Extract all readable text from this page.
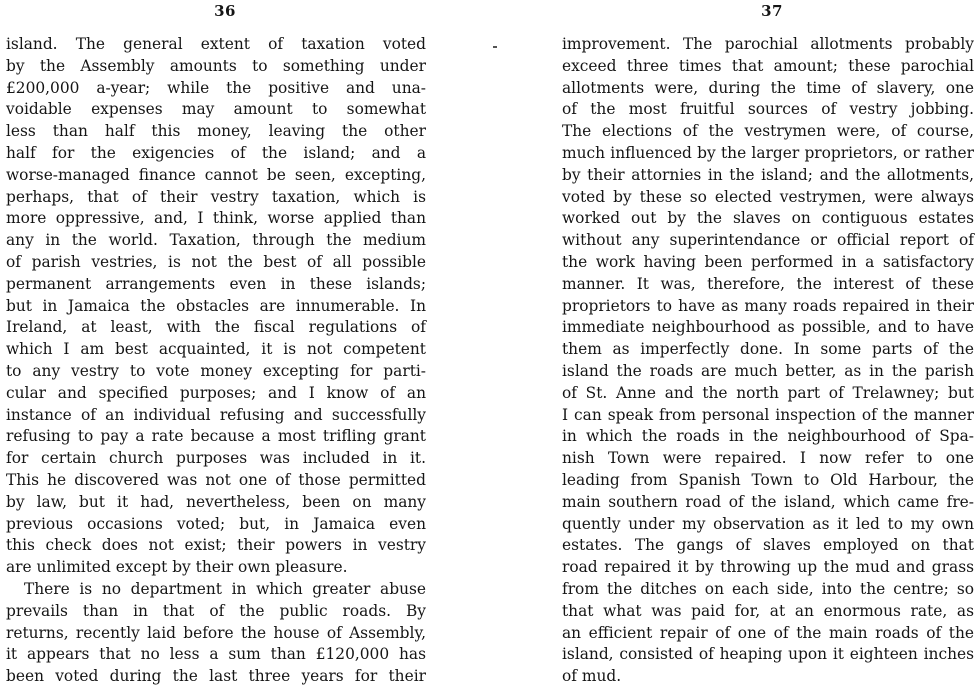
36
island. The general extent of taxation voted
by the Assembly amounts to something under
£200,000 a-year; while the positive and una-
voidable expenses may amount to somewhat
less than half this money, leaving the other
half for the exigencies of the island; and a
worse-managed finance cannot be seen, excepting,
perhaps, that of their vestry taxation, which is
more oppressive, and, I think, worse applied than
any in the world. Taxation, through the medium
of parish vestries, is not the best of all possible
permanent arrangements even in these islands;
but in Jamaica the obstacles are innumerable. In
Ireland, at least, with the fiscal regulations of
which I am best acquainted, it is not competent
to any vestry to vote money excepting for parti-
cular and specified purposes; and I know of an
instance of an individual refusing and successfully
refusing to pay a rate because a most trifling grant
for certain church purposes was included in it.
This he discovered was not one of those permitted
by law, but it had, nevertheless, been on many
previous occasions voted; but, in Jamaica even
this check does not exist; their powers in vestry
are unlimited except by their own pleasure.
There is no department in which greater abuse
prevails than in that of the public roads. By
returns, recently laid before the house of Assembly,
it appears that no less a sum than £120,000 has
been voted during the last three years for their
37
improvement. The parochial allotments probably
exceed three times that amount; these parochial
allotments were, during the time of slavery, one
of the most fruitful sources of vestry jobbing.
The elections of the vestrymen were, of course,
much influenced by the larger proprietors, or rather
by their attornies in the island; and the allotments,
voted by these so elected vestrymen, were always
worked out by the slaves on contiguous estates
without any superintendance or official report of
the work having been performed in a satisfactory
manner. It was, therefore, the interest of these
proprietors to have as many roads repaired in their
immediate neighbourhood as possible, and to have
them as imperfectly done. In some parts of the
island the roads are much better, as in the parish
of St. Anne and the north part of Trelawney; but
I can speak from personal inspection of the manner
in which the roads in the neighbourhood of Spa-
nish Town were repaired. I now refer to one
leading from Spanish Town to Old Harbour, the
main southern road of the island, which came fre-
quently under my observation as it led to my own
estates. The gangs of slaves employed on that
road repaired it by throwing up the mud and grass
from the ditches on each side, into the centre; so
that what was paid for, at an enormous rate, as
an efficient repair of one of the main roads of the
island, consisted of heaping upon it eighteen inches
of mud.
